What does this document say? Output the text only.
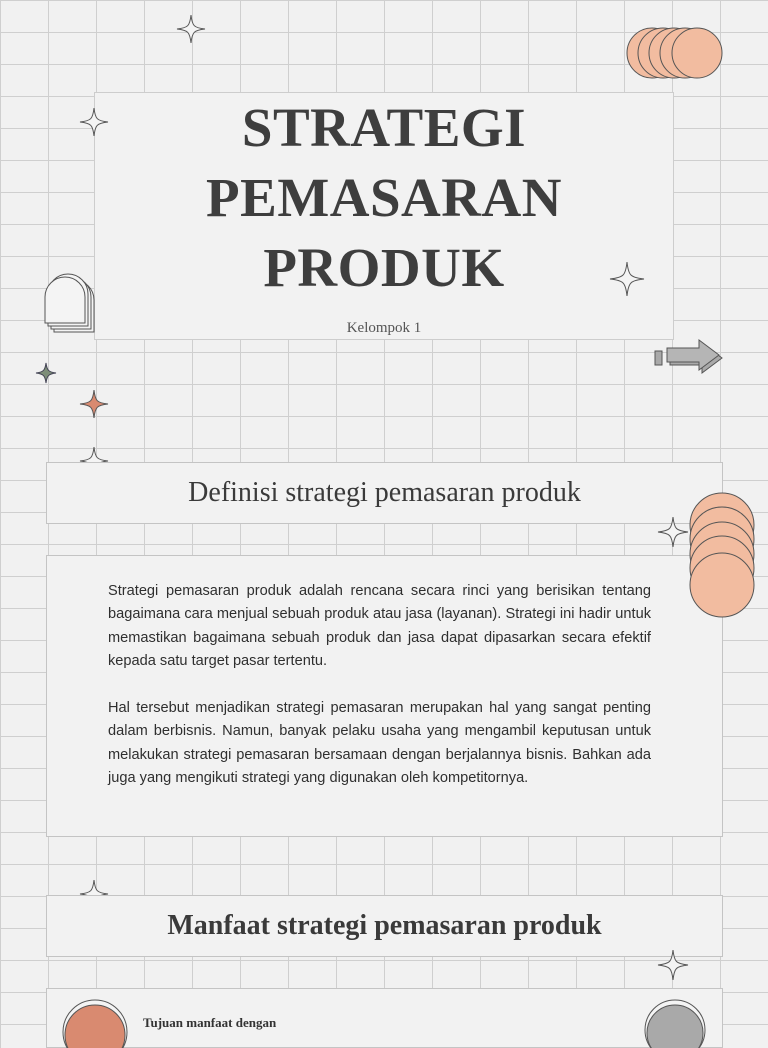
STRATEGI
PEMASARAN
PRODUK
Kelompok 1
Definisi strategi pemasaran produk
Strategi pemasaran produk adalah rencana secara rinci yang berisikan tentang bagaimana cara menjual sebuah produk atau jasa (layanan). Strategi ini hadir untuk memastikan bagaimana sebuah produk dan jasa dapat dipasarkan secara efektif kepada satu target pasar tertentu.
Hal tersebut menjadikan strategi pemasaran merupakan hal yang sangat penting dalam berbisnis. Namun, banyak pelaku usaha yang mengambil keputusan untuk melakukan strategi pemasaran bersamaan dengan berjalannya bisnis. Bahkan ada juga yang mengikuti strategi yang digunakan oleh kompetitornya.
Manfaat strategi pemasaran produk
Tujuan manfaat dengan
